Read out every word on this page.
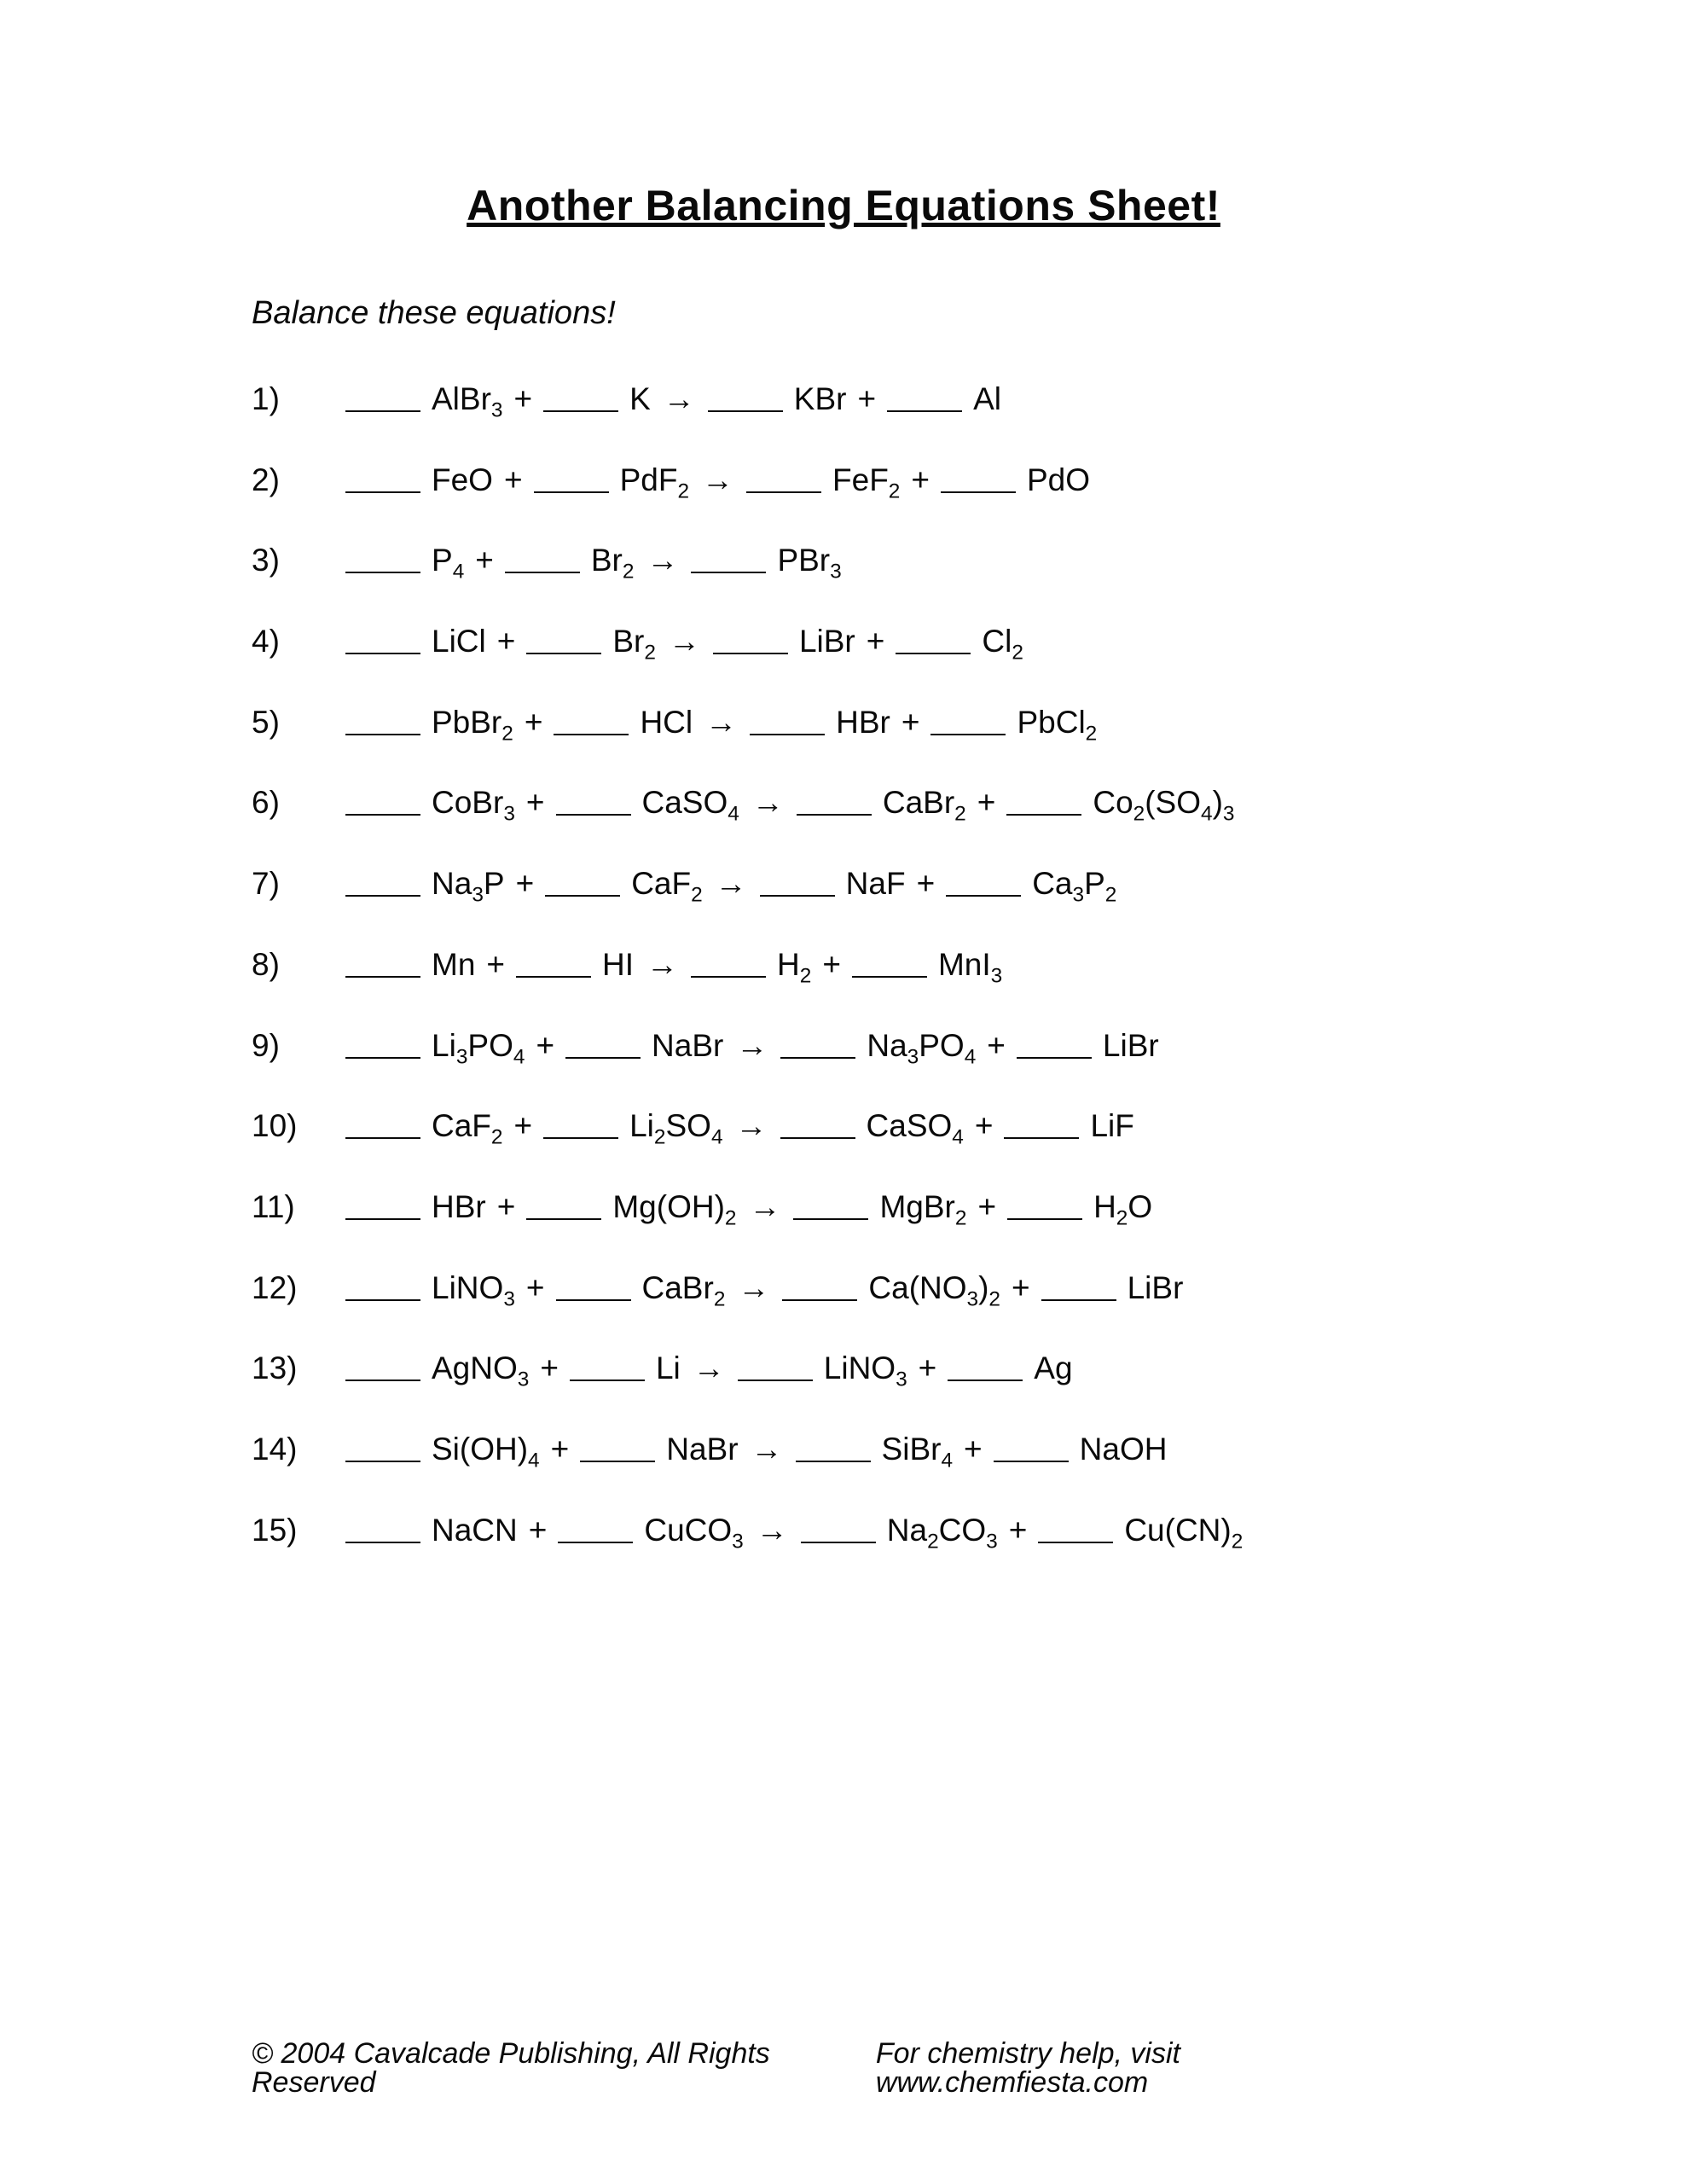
Another Balancing Equations Sheet!

Balance these equations!

1)	AlBr$_3$ +	K →	KBr +	Al
2)	FeO +	PdF$_2$ →	FeF$_2$ +	PdO
3)	$P_4$ +	$Br_2$ →	PBr$_3$
4)	LiCl +	$Br_2$ →	LiBr +	$Cl_2$
5)	PbBr$_2$ +	HCl →	HBr +	PbCl$_2$
6)	CoBr$_3$ +	CaSO$_4$ →	CaBr$_2$ +	$Co_2(SO_4)_3$
7)	$Na_3P$ +	CaF$_2$ →	NaF +	$Ca_3P_2$
8)	Mn +	HI →	$H_2$ +	MnI$_3$
9)	$Li_3PO_4$ +	NaBr →	$Na_3PO_4$ +	LiBr
10)	CaF$_2$ +	$Li_2SO_4$ →	CaSO$_4$ +	LiF
11)	HBr +	$Mg(OH)_2$ →	MgBr$_2$ +	$H_2O$
12)	LiNO$_3$ +	CaBr$_2$ →	$Ca(NO_3)_2$ +	LiBr
13)	AgNO$_3$ +	Li →	LiNO$_3$ +	Ag
14)	$Si(OH)_4$ +	NaBr →	SiBr$_4$ +	NaOH
15)	NaCN +	CuCO$_3$ →	$Na_2CO_3$ +	$Cu(CN)_2$
© 2004 Cavalcade Publishing, All Rights Reserved
For chemistry help, visit www.chemfiesta.com
